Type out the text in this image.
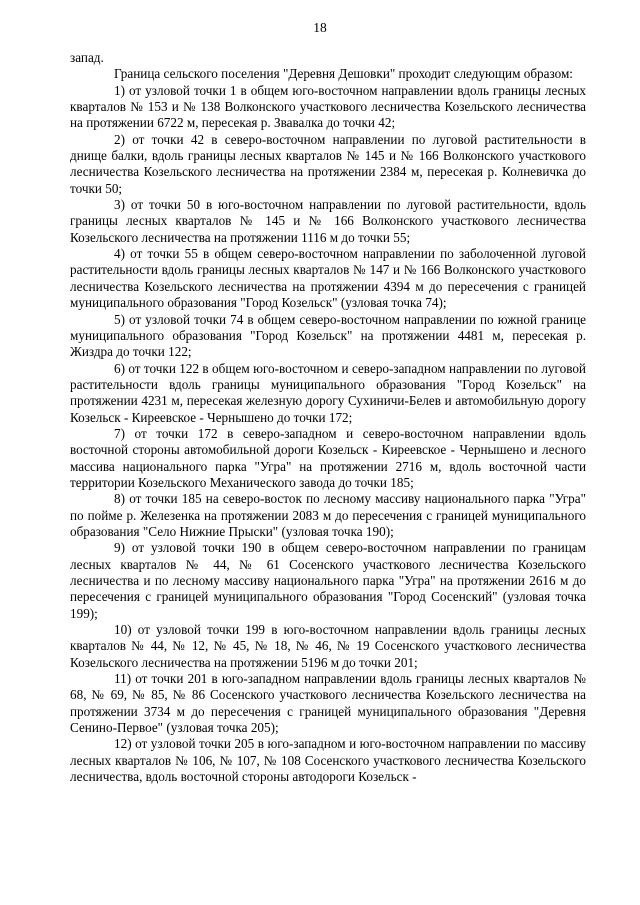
18

запад.

Граница сельского поселения "Деревня Дешовки" проходит следующим образом:

1) от узловой точки 1 в общем юго-восточном направлении вдоль границы лесных кварталов № 153 и № 138 Волконского участкового лесничества Козельского лесничества на протяжении 6722 м, пересекая р. Звавалка до точки 42;

2) от точки 42 в северо-восточном направлении по луговой растительности в днище балки, вдоль границы лесных кварталов № 145 и № 166 Волконского участкового лесничества Козельского лесничества на протяжении 2384 м, пересекая р. Колневичка до точки 50;

3) от точки 50 в юго-восточном направлении по луговой растительности, вдоль границы лесных кварталов № 145 и № 166 Волконского участкового лесничества Козельского лесничества на протяжении 1116 м до точки 55;

4) от точки 55 в общем северо-восточном направлении по заболоченной луговой растительности вдоль границы лесных кварталов № 147 и № 166 Волконского участкового лесничества Козельского лесничества на протяжении 4394 м до пересечения с границей муниципального образования "Город Козельск" (узловая точка 74);

5) от узловой точки 74 в общем северо-восточном направлении по южной границе муниципального образования "Город Козельск" на протяжении 4481 м, пересекая р. Жиздра до точки 122;

6) от точки 122 в общем юго-восточном и северо-западном направлении по луговой растительности вдоль границы муниципального образования "Город Козельск" на протяжении 4231 м, пересекая железную дорогу Сухиничи-Белев и автомобильную дорогу Козельск - Киреевское - Чернышено до точки 172;

7) от точки 172 в северо-западном и северо-восточном направлении вдоль восточной стороны автомобильной дороги Козельск - Киреевское - Чернышено и лесного массива национального парка "Угра" на протяжении 2716 м, вдоль восточной части территории Козельского Механического завода до точки 185;

8) от точки 185 на северо-восток по лесному массиву национального парка "Угра" по пойме р. Железенка на протяжении 2083 м до пересечения с границей муниципального образования "Село Нижние Прыски" (узловая точка 190);

9) от узловой точки 190 в общем северо-восточном направлении по границам лесных кварталов № 44, № 61 Сосенского участкового лесничества Козельского лесничества и по лесному массиву национального парка "Угра" на протяжении 2616 м до пересечения с границей муниципального образования "Город Сосенский" (узловая точка 199);

10) от узловой точки 199 в юго-восточном направлении вдоль границы лесных кварталов № 44, № 12, № 45, № 18, № 46, № 19 Сосенского участкового лесничества Козельского лесничества на протяжении 5196 м до точки 201;

11) от точки 201 в юго-западном направлении вдоль границы лесных кварталов № 68, № 69, № 85, № 86 Сосенского участкового лесничества Козельского лесничества на протяжении 3734 м до пересечения с границей муниципального образования "Деревня Сенино-Первое" (узловая точка 205);

12) от узловой точки 205 в юго-западном и юго-восточном направлении по массиву лесных кварталов № 106, № 107, № 108 Сосенского участкового лесничества Козельского лесничества, вдоль восточной стороны автодороги Козельск -
